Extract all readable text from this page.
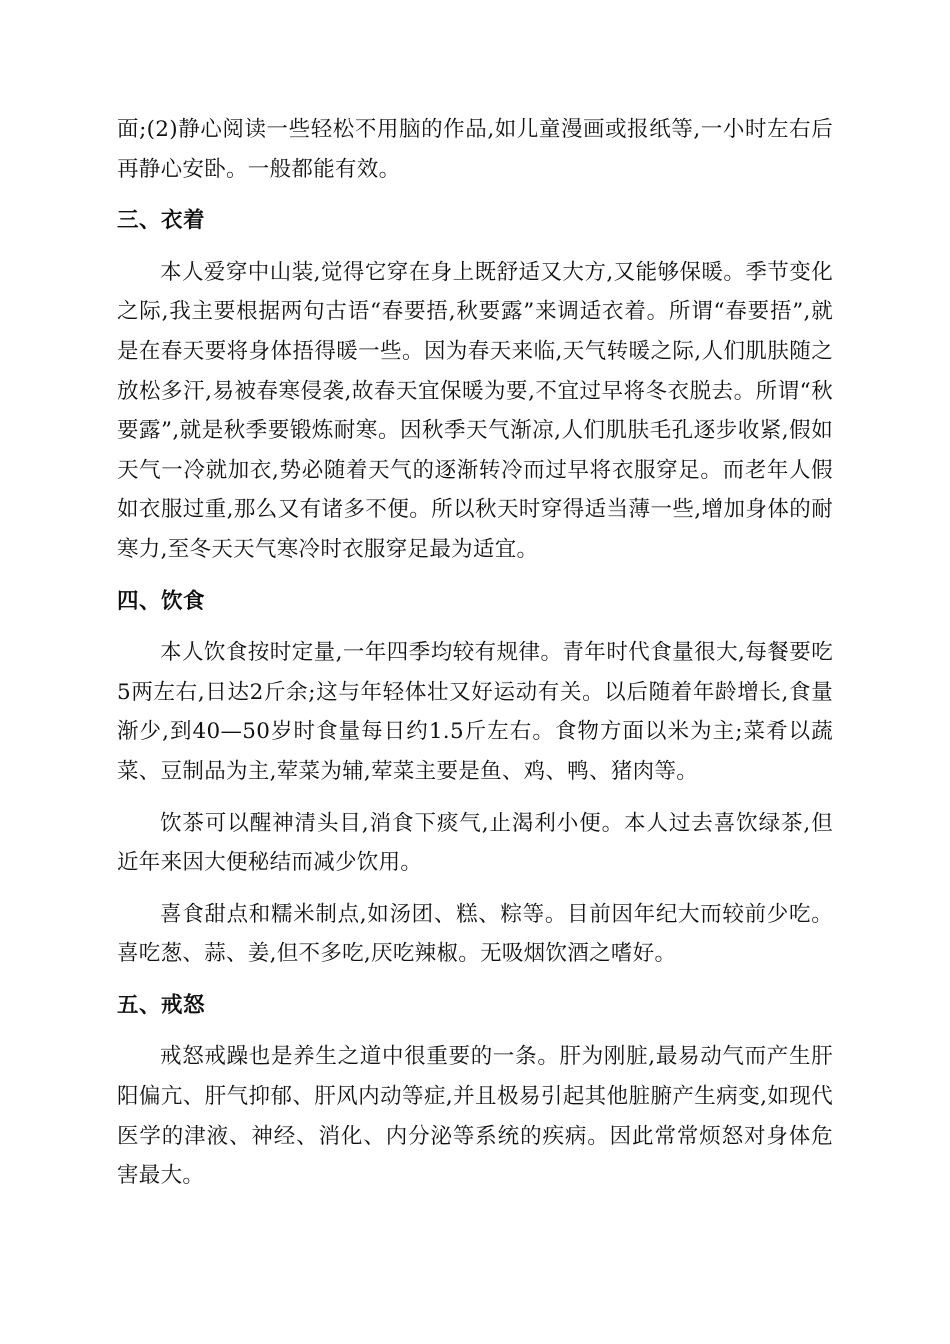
面;(2)静心阅读一些轻松不用脑的作品,如儿童漫画或报纸等,一小时左右后再静心安卧。一般都能有效。

三、衣着

本人爱穿中山装,觉得它穿在身上既舒适又大方,又能够保暖。季节变化之际,我主要根据两句古语“春要捂,秋要露”来调适衣着。所谓“春要捂”,就是在春天要将身体捂得暖一些。因为春天来临,天气转暖之际,人们肌肤随之放松多汗,易被春寒侵袭,故春天宜保暖为要,不宜过早将冬衣脱去。所谓“秋要露”,就是秋季要锻炼耐寒。因秋季天气渐凉,人们肌肤毛孔逐步收紧,假如天气一冷就加衣,势必随着天气的逐渐转冷而过早将衣服穿足。而老年人假如衣服过重,那么又有诸多不便。所以秋天时穿得适当薄一些,增加身体的耐寒力,至冬天天气寒冷时衣服穿足最为适宜。

四、饮食

本人饮食按时定量,一年四季均较有规律。青年时代食量很大,每餐要吃5两左右,日达2斤余;这与年轻体壮又好运动有关。以后随着年龄增长,食量渐少,到40—50岁时食量每日约1.5斤左右。食物方面以米为主;菜肴以蔬菜、豆制品为主,荤菜为辅,荤菜主要是鱼、鸡、鸭、猪肉等。

饮茶可以醒神清头目,消食下痰气,止渴利小便。本人过去喜饮绿茶,但近年来因大便秘结而减少饮用。

喜食甜点和糯米制点,如汤团、糕、粽等。目前因年纪大而较前少吃。喜吃葱、蒜、姜,但不多吃,厌吃辣椒。无吸烟饮酒之嗜好。

五、戒怒

戒怒戒躁也是养生之道中很重要的一条。肝为刚脏,最易动气而产生肝阳偏亢、肝气抑郁、肝风内动等症,并且极易引起其他脏腑产生病变,如现代医学的津液、神经、消化、内分泌等系统的疾病。因此常常烦怒对身体危害最大。
